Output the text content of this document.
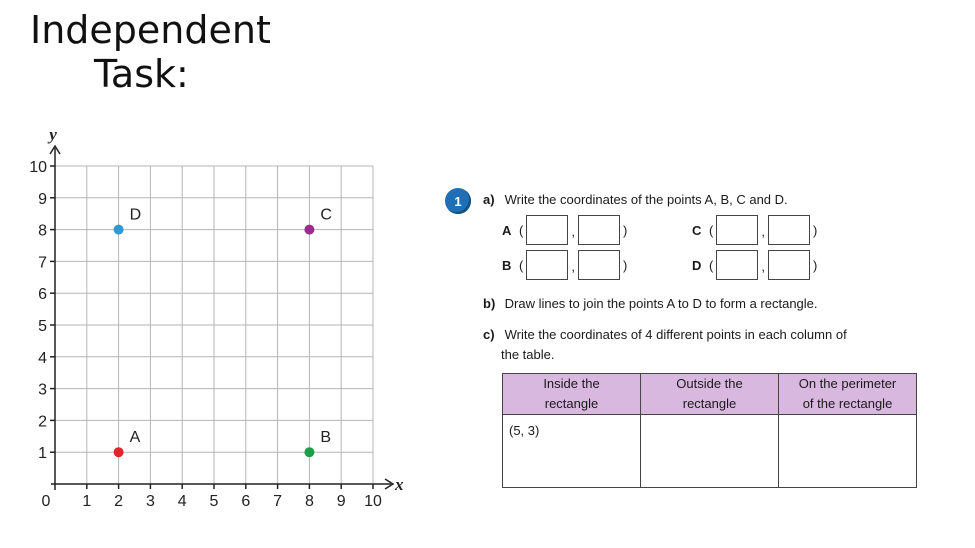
Independent
Task:
1
2
3
4
5
6
7
8
9
10
0 1 2 3 4 5 6 7 8 9 10
x
y
A	B
C
D
1	a) Write the coordinates of the points A, B, C and D.
A (	,	)
B (	,	)
C (	,	)
D (	,	)
b) Draw lines to join the points A to D to form a rectangle.
c) Write the coordinates of 4 different points in each column of
the table.
Inside the
rectangle	Outside the
rectangle	On the perimeter
of the rectangle
(5, 3)		
